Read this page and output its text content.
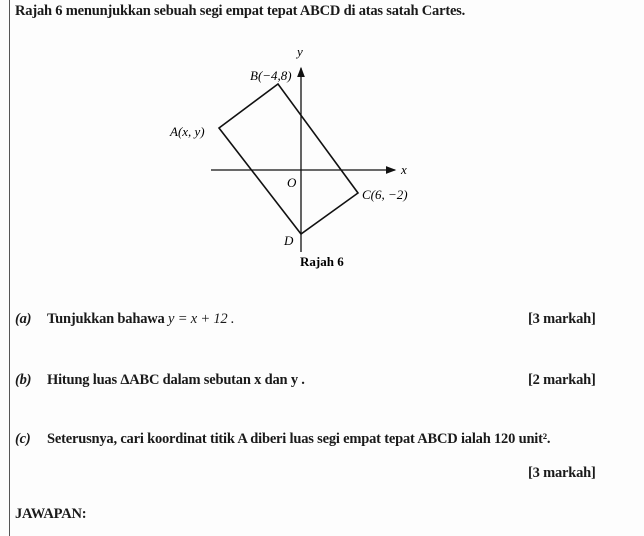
Rajah 6 menunjukkan sebuah segi empat tepat ABCD di atas satah Cartes.
y
x
O
B(−4,8)
A(x, y)
C(6, −2)
D
Rajah 6
(a) Tunjukkan bahawa y = x + 12 .	[3 markah]
(b) Hitung luas ΔABC dalam sebutan x dan y .	[2 markah]
(c) Seterusnya, cari koordinat titik A diberi luas segi empat tepat ABCD ialah 120 unit².
[3 markah]
JAWAPAN:
